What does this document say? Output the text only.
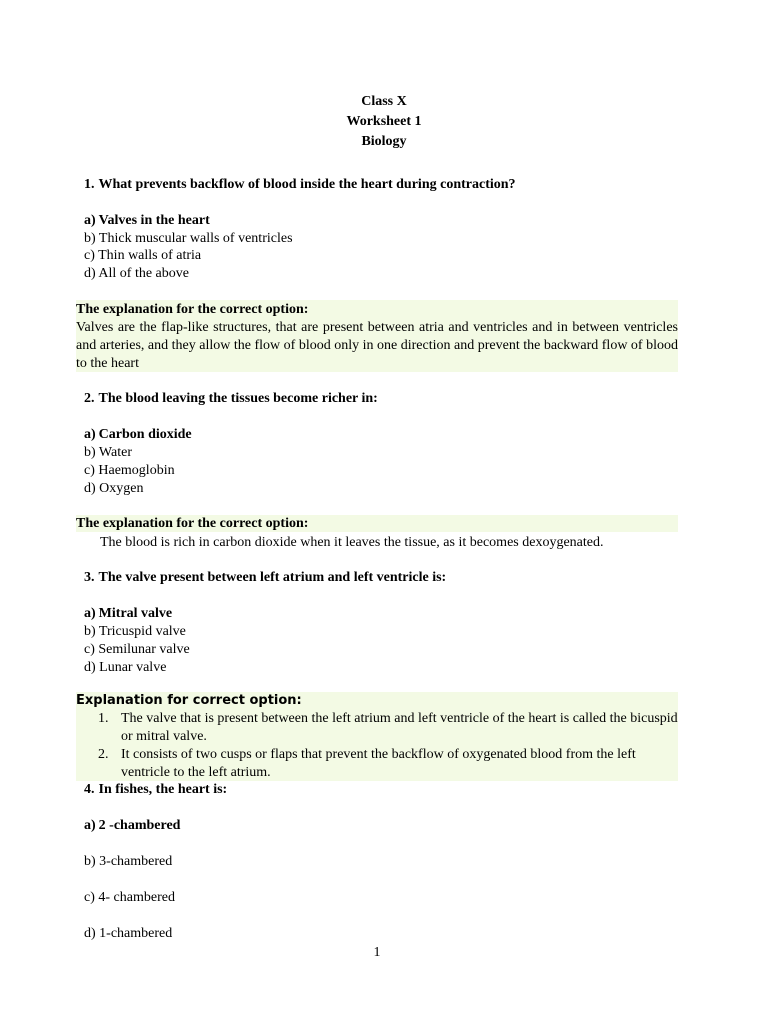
Class X
Worksheet 1
Biology
1. What prevents backflow of blood inside the heart during contraction?
a) Valves in the heart
b) Thick muscular walls of ventricles
c) Thin walls of atria
d) All of the above
The explanation for the correct option:
Valves are the flap-like structures, that are present between atria and ventricles and in between ventricles and arteries, and they allow the flow of blood only in one direction and prevent the backward flow of blood to the heart
2. The blood leaving the tissues become richer in:
a) Carbon dioxide
b) Water
c) Haemoglobin
d) Oxygen
The explanation for the correct option:
The blood is rich in carbon dioxide when it leaves the tissue, as it becomes dexoygenated.
3. The valve present between left atrium and left ventricle is:
a) Mitral valve
b) Tricuspid valve
c) Semilunar valve
d) Lunar valve
Explanation for correct option:
1. The valve that is present between the left atrium and left ventricle of the heart is called the bicuspid or mitral valve.
2. It consists of two cusps or flaps that prevent the backflow of oxygenated blood from the left ventricle to the left atrium.
4. In fishes, the heart is:
a) 2 -chambered
b) 3-chambered
c) 4- chambered
d) 1-chambered
1
